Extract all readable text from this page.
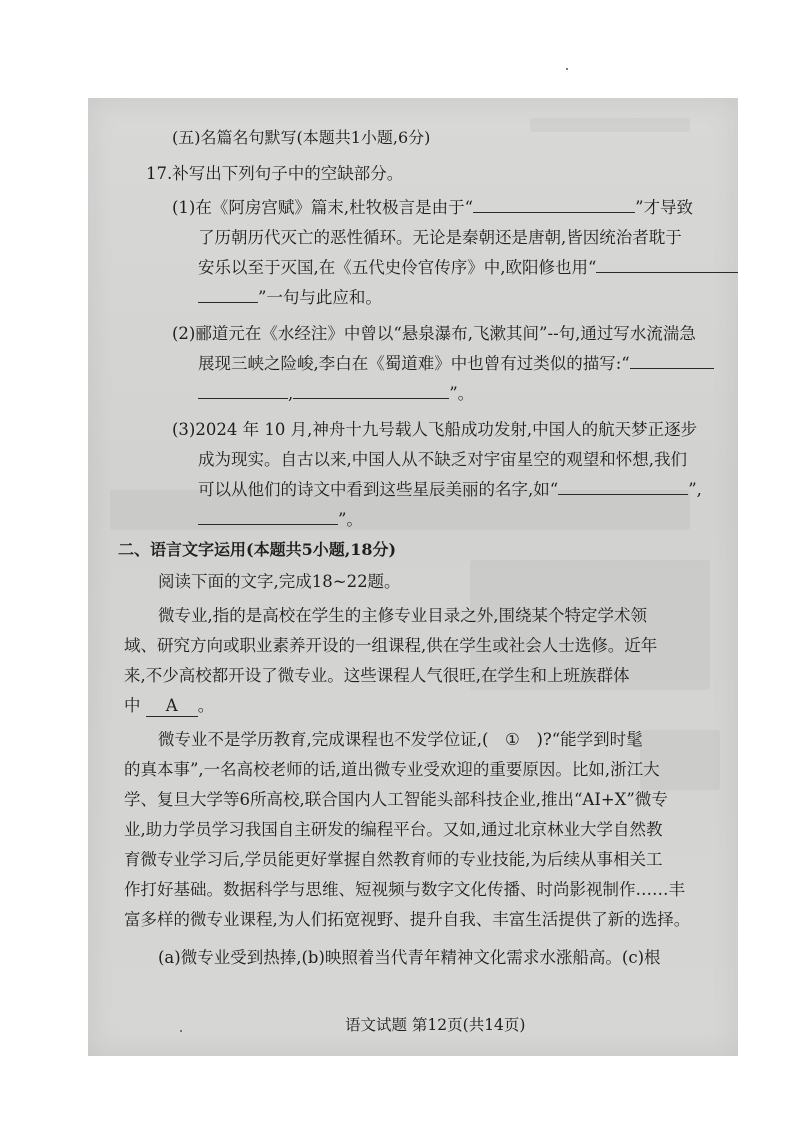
(五)名篇名句默写(本题共1小题,6分)
17.补写出下列句子中的空缺部分。
(1)在《阿房宫赋》篇末,杜牧极言是由于“	”才导致
了历朝历代灭亡的恶性循环。无论是秦朝还是唐朝,皆因统治者耽于
安乐以至于灭国,在《五代史伶官传序》中,欧阳修也用“
”一句与此应和。
(2)郦道元在《水经注》中曾以“悬泉瀑布,飞漱其间”--句,通过写水流湍急
展现三峡之险峻,李白在《蜀道难》中也曾有过类似的描写:“
,	”。
(3)2024 年 10 月,神舟十九号载人飞船成功发射,中国人的航天梦正逐步
成为现实。自古以来,中国人从不缺乏对宇宙星空的观望和怀想,我们
可以从他们的诗文中看到这些星辰美丽的名字,如“	”,
”。
二、语言文字运用(本题共5小题,18分)
阅读下面的文字,完成18~22题。
微专业,指的是高校在学生的主修专业目录之外,围绕某个特定学术领
域、研究方向或职业素养开设的一组课程,供在学生或社会人士选修。近年
来,不少高校都开设了微专业。这些课程人气很旺,在学生和上班族群体
中 A 。
微专业不是学历教育,完成课程也不发学位证,( ① )?“能学到时髦
的真本事”,一名高校老师的话,道出微专业受欢迎的重要原因。比如,浙江大
学、复旦大学等6所高校,联合国内人工智能头部科技企业,推出“AI+X”微专
业,助力学员学习我国自主研发的编程平台。又如,通过北京林业大学自然教
育微专业学习后,学员能更好掌握自然教育师的专业技能,为后续从事相关工
作打好基础。数据科学与思维、短视频与数字文化传播、时尚影视制作……丰
富多样的微专业课程,为人们拓宽视野、提升自我、丰富生活提供了新的选择。
(a)微专业受到热捧,(b)映照着当代青年精神文化需求水涨船高。(c)根
语文试题 第12页(共14页)
